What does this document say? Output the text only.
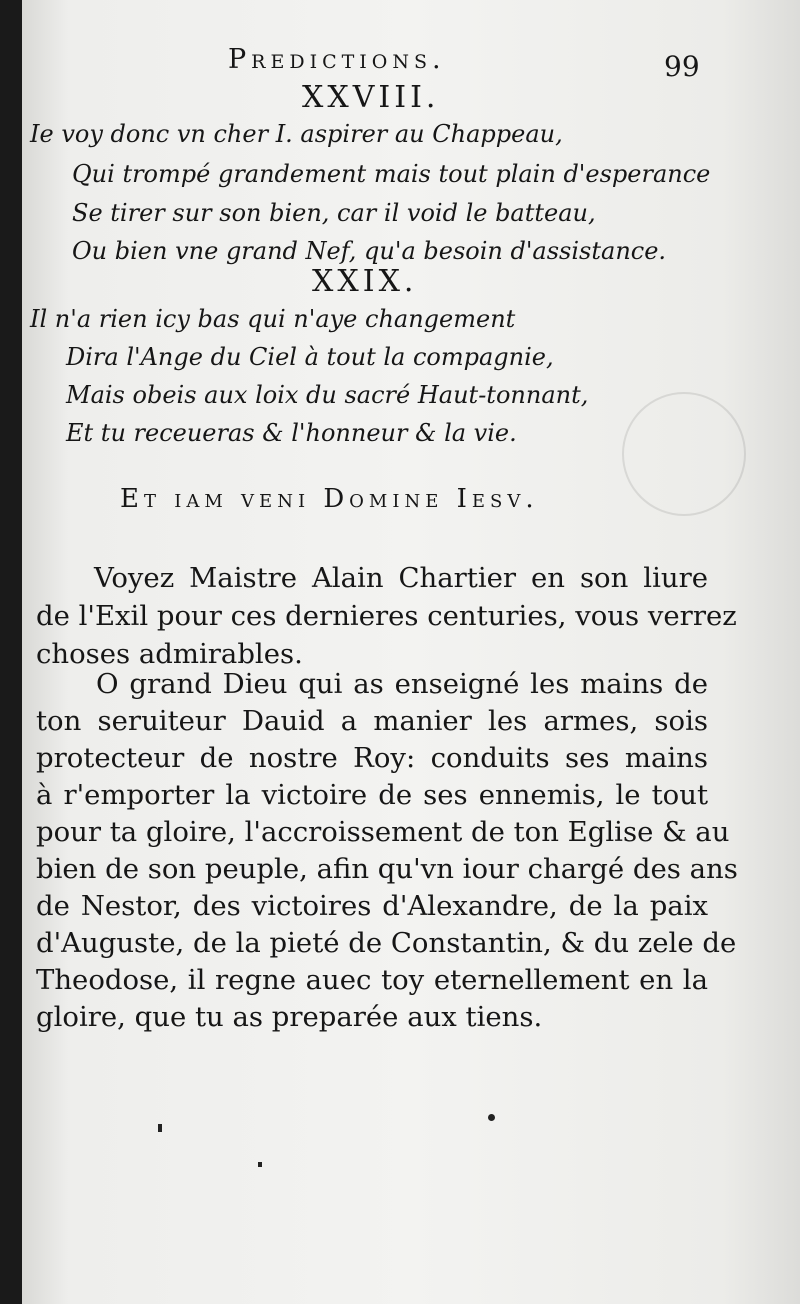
Predictions.	99
XXVIII.
Ie voy donc vn cher I. aspirer au Chappeau,
Qui trompé grandement mais tout plain d'esperance
Se tirer sur son bien, car il void le batteau,
Ou bien vne grand Nef, qu'a besoin d'assistance.
XXIX.
Il n'a rien icy bas qui n'aye changement
Dira l'Ange du Ciel à tout la compagnie,
Mais obeis aux loix du sacré Haut-tonnant,
Et tu receueras & l'honneur & la vie.
Et iam veni Domine Iesv.
Voyez Maistre Alain Chartier en son liure
de l'Exil pour ces dernieres centuries, vous verrez
choses admirables.
O grand Dieu qui as enseigné les mains de
ton seruiteur Dauid a manier les armes, sois
protecteur de nostre Roy: conduits ses mains
à r'emporter la victoire de ses ennemis, le tout
pour ta gloire, l'accroissement de ton Eglise & au
bien de son peuple, afin qu'vn iour chargé des ans
de Nestor, des victoires d'Alexandre, de la paix
d'Auguste, de la pieté de Constantin, & du zele de
Theodose, il regne auec toy eternellement en la
gloire, que tu as preparée aux tiens.
